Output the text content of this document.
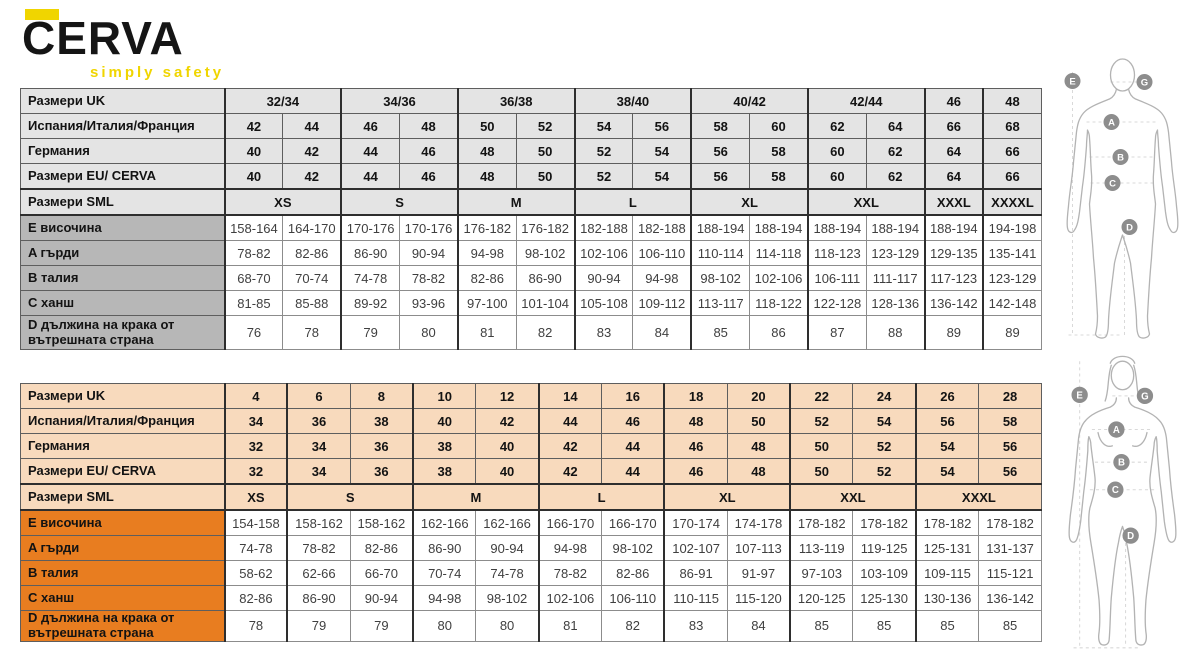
CERVA
simply safety
Размери UK	32/34		34/36		36/38		38/40		40/42		42/44		46	48
Испания/Италия/Франция	42	44	46	48	50	52	54	56	58	60	62	64	66	68
Германия	40	42	44	46	48	50	52	54	56	58	60	62	64	66
Размери EU/ CERVA	40	42	44	46	48	50	52	54	56	58	60	62	64	66
Размери SML	XS		S		M		L		XL		XXL		XXXL	XXXXL
E височина	158-164	164-170	170-176	170-176	176-182	176-182	182-188	182-188	188-194	188-194	188-194	188-194	188-194	194-198
A гърди	78-82	82-86	86-90	90-94	94-98	98-102	102-106	106-110	110-114	114-118	118-123	123-129	129-135	135-141
B талия	68-70	70-74	74-78	78-82	82-86	86-90	90-94	94-98	98-102	102-106	106-111	111-117	117-123	123-129
C ханш	81-85	85-88	89-92	93-96	97-100	101-104	105-108	109-112	113-117	118-122	122-128	128-136	136-142	142-148
D дължина на крака от вътрешната страна	76	78	79	80	81	82	83	84	85	86	87	88	89	89
Размери UK	4	6	8	10	12	14	16	18	20	22	24	26	28
Испания/Италия/Франция	34	36	38	40	42	44	46	48	50	52	54	56	58
Германия	32	34	36	38	40	42	44	46	48	50	52	54	56
Размери EU/ CERVA	32	34	36	38	40	42	44	46	48	50	52	54	56
Размери SML	XS	S		M		L		XL		XXL		XXXL	
E височина	154-158	158-162	158-162	162-166	162-166	166-170	166-170	170-174	174-178	178-182	178-182	178-182	178-182
A гърди	74-78	78-82	82-86	86-90	90-94	94-98	98-102	102-107	107-113	113-119	119-125	125-131	131-137
B талия	58-62	62-66	66-70	70-74	74-78	78-82	82-86	86-91	91-97	97-103	103-109	109-115	115-121
C ханш	82-86	86-90	90-94	94-98	98-102	102-106	106-110	110-115	115-120	120-125	125-130	130-136	136-142
D дължина на крака от вътрешната страна	78	79	79	80	80	81	82	83	84	85	85	85	85
E	G
A
B
C
D
E	G
A
B
C
D
